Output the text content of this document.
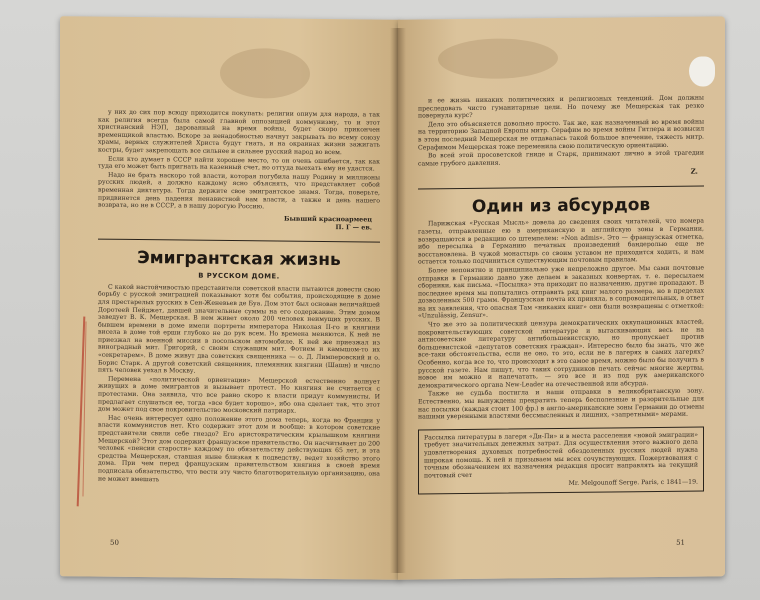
у них до сих пор всюду приходится покупать: религии опиум для народа, а так как религия всегда была самой главной оппозицией коммунизму, то и этот христианский НЭП, дарованный на время войны, будет скоро прикончен временщикой властью. Вскоре за ненадобностью начнут закрывать по всему союзу храмы, верных служителей Христа будут гнать, и на окраинах жизни зажигать костры, будет закрепощать все сильнее и сильнее русский народ во всем.

Если кто думает в СССР найти хорошее место, то он очень ошибается, так как туда его может быть пригнать на казенный счет, но оттуда выехать ему не удастся.

Надо не брать наскоро той власти, которая погубила нашу Родину и миллионы русских людей, а должно каждому ясно объяснять, что представляет собой временная диктатура. Тогда держите свое эмигрантское знамя. Тогда, поверьте, придвинется день падения ненавистной нам власти, а также и день нашего возврата, но не в СССР, а в нашу дорогую Россию.

Бывший красноармеец
П. Г — ев.
Эмигрантская жизнь
В РУССКОМ ДОМЕ.

С какой настойчивостью представители советской власти пытаются довести свою борьбу с русской эмиграцией показывают хотя бы события, происходящие в доме для престарелых русских в Сен-Женевьев де Буа. Дом этот был основан величайшей Доротеей Пейджет, давшей значительные суммы на его содержание. Этим домом заведует В. К. Мещерская. В нем живет около 200 человек неимущих русских. В бывшем времени в доме имели портреты императора Николая II-го и княгини висела в доме той ерши глубоко не до рук всем. Но времена меняются. К ней не приезжал на военной миссии в посольском автомобиле. К ней же приезжал из виноградный мит. Григорий, с своим служащим мит. Фотием и камышом-то их «секретарем». В доме живут два советских священника — о. Д. Лимперовский и о. Борис Старк. А другой советский священник, племянник княгини (Шашн) и число пять человек уехал в Москву.

Перемена «политической ориентации» Мещерской естественно волнует живущих в доме эмигрантов и вызывает протест. Но княгиня не считается с протестами. Она заявила, что все равно скоро к власти придут коммунисты. И предлагает слушаться ее, тогда «все будет хорошо», ибо она сделает так, что этот дом может под свое покровительство московский патриарх.

Нас очень интересует одно положение этого дома теперь, когда во Франции у власти коммунистов нет. Кто содержит этот дом и вообще: в котором советские представители свили себе гнездо? Его аристократическим крылышком княгини Мещерской? Этот дом содержит французское правительство. Он насчитывает до 200 человек «пенсии старости» каждому по обязательству действующих 65 лет, и эта средства Мещерская, ставшая ныне близкая к подведству, ведет хозяйство этого дома. При чем перед французским правительством княгиня в своей время подписала обязательство, что вести эту чисто благотворительную организацию, она не может вмешать

50

и ее жизнь никаких политических и религиозных тенденций. Дом должны преследовать чисто гуманитарные цели. Но почему же Мещерская так резко повернула курс?

Дело это объясняется довольно просто. Так же, как назначенный во время войны на территорию Западной Европы митр. Серафим во время войны Гитлера и возвысил в этом последний Мещерская не отдавалась такой большое влечение, тяжесть митр. Серафимом Мещерская тоже переменила свою политическую ориентацию.

Во всей этой просоветской гниде и Старк, принимают лично в этой трагедии самые грубого давления.

Z.
Один из абсурдов

Парижская «Русская Мысль» довела до сведения своих читателей, что номера газеты, отправленные ею в американскую и английскую зоны в Германии, возвращаются в редакцию со штемпелем: «Non admis». Это — французская отметка, ибо пересылка в Германию печатных произведений бандеролью еще не восстановлена. В чужой монастырь со своим уставом не приходится ходить, и нам остается только подчиниться существующим почтовым правилам.

Более непонятно и принципиально уже непреложно другое. Мы сами почтовые отправки в Германию давно уже делаем в заказных конвертах, т. е. пересылаем сборники, как письма. «Посылка» эта приходит по назначению, другие пропадают. В последнее время мы попытались отправить ряд книг малого размера, но в пределах дозволенных 500 грамм. Французская почта их приняла, в сопроводительных, в ответ на их заявления, что опасная Там «никаких книг» они были возвращены с отметкой: «Unzulässig, Zensur».

Что же это за политический цензура демократических оккупационных властей, покровительствующих советской литературе и вытаскивающих весь не на антисоветские литературу антибольшевистскую, но пропускает против большевистской «депутатов советских граждан». Интересно было бы знать, что же все-таки обстоятельства, если не оно, то это, если не в лагерях в самих лагерях? Особенно, когда все то, что происходит в это самое время, можно было бы получить в русской газете. Нам пишут, что таких сотрудников печать сейчас многие жертвы, новое им можно и напечатать, — это все и из под рук американского демократического органа New-Leader на отечественной или абсурда.

Также не судьба постигла и наши отправки в великобританскую зону. Естественно, мы вынуждены прекратить теперь бесполезные и разорительные для нас посылки (каждая стоит 100 фр.) в англо-американские зоны Германии до отмены нашими уверенными властями бессмысленных и лишних, «запретными» мерами.

Рассылка литературы в лагеря «Ди-Пи» и в места расселения «новой эмиграции» требует значительных денежных затрат. Для осуществления этого важного дела удовлетворения духовных потребностей обездоленных русских людей нужна широкая помощь. К ней и призываем мы всех сочувствующих. Пожертвования с точным обозначением их назначения редакция просит направлять на текущий почтовый счет

Mr. Melgounoff Serge. Paris, c 1841—19.
51
